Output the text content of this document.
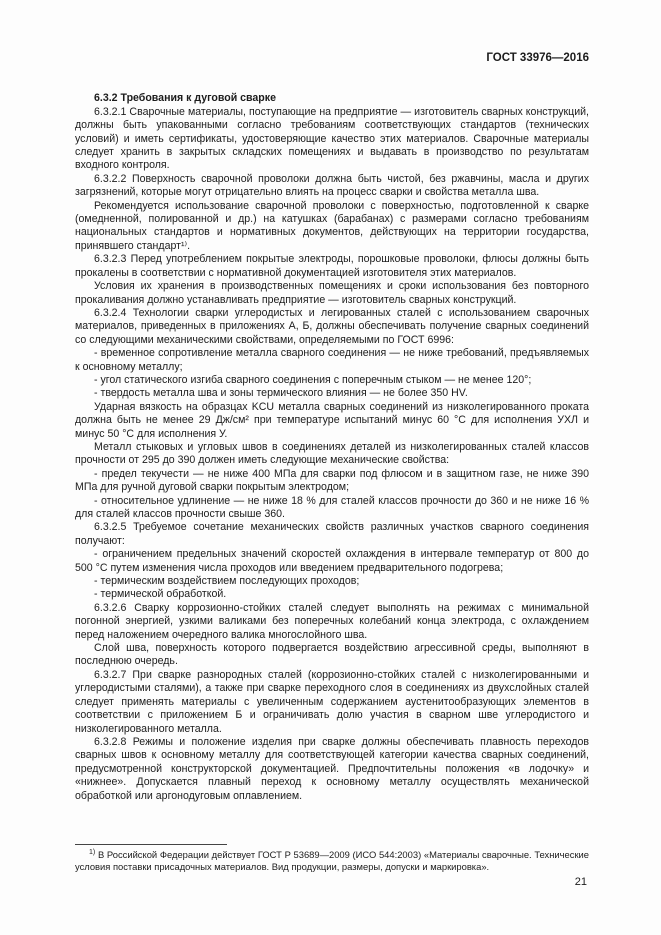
ГОСТ 33976—2016

6.3.2 Требования к дуговой сварке

6.3.2.1 Сварочные материалы, поступающие на предприятие — изготовитель сварных конструкций, должны быть упакованными согласно требованиям соответствующих стандартов (технических условий) и иметь сертификаты, удостоверяющие качество этих материалов. Сварочные материалы следует хранить в закрытых складских помещениях и выдавать в производство по результатам входного контроля.

6.3.2.2 Поверхность сварочной проволоки должна быть чистой, без ржавчины, масла и других загрязнений, которые могут отрицательно влиять на процесс сварки и свойства металла шва.

Рекомендуется использование сварочной проволоки с поверхностью, подготовленной к сварке (омедненной, полированной и др.) на катушках (барабанах) с размерами согласно требованиям национальных стандартов и нормативных документов, действующих на территории государства, принявшего стандарт¹⁾.

6.3.2.3 Перед употреблением покрытые электроды, порошковые проволоки, флюсы должны быть прокалены в соответствии с нормативной документацией изготовителя этих материалов.

Условия их хранения в производственных помещениях и сроки использования без повторного прокаливания должно устанавливать предприятие — изготовитель сварных конструкций.

6.3.2.4 Технологии сварки углеродистых и легированных сталей с использованием сварочных материалов, приведенных в приложениях А, Б, должны обеспечивать получение сварных соединений со следующими механическими свойствами, определяемыми по ГОСТ 6996:

- временное сопротивление металла сварного соединения — не ниже требований, предъявляемых к основному металлу;

- угол статического изгиба сварного соединения с поперечным стыком — не менее 120°;

- твердость металла шва и зоны термического влияния — не более 350 HV.

Ударная вязкость на образцах KCU металла сварных соединений из низколегированного проката должна быть не менее 29 Дж/см² при температуре испытаний минус 60 °С для исполнения УХЛ и минус 50 °С для исполнения У.

Металл стыковых и угловых швов в соединениях деталей из низколегированных сталей классов прочности от 295 до 390 должен иметь следующие механические свойства:

- предел текучести — не ниже 400 МПа для сварки под флюсом и в защитном газе, не ниже 390 МПа для ручной дуговой сварки покрытым электродом;

- относительное удлинение — не ниже 18 % для сталей классов прочности до 360 и не ниже 16 % для сталей классов прочности свыше 360.

6.3.2.5 Требуемое сочетание механических свойств различных участков сварного соединения получают:

- ограничением предельных значений скоростей охлаждения в интервале температур от 800 до 500 °С путем изменения числа проходов или введением предварительного подогрева;

- термическим воздействием последующих проходов;

- термической обработкой.

6.3.2.6 Сварку коррозионно-стойких сталей следует выполнять на режимах с минимальной погонной энергией, узкими валиками без поперечных колебаний конца электрода, с охлаждением перед наложением очередного валика многослойного шва.

Слой шва, поверхность которого подвергается воздействию агрессивной среды, выполняют в последнюю очередь.

6.3.2.7 При сварке разнородных сталей (коррозионно-стойких сталей с низколегированными и углеродистыми сталями), а также при сварке переходного слоя в соединениях из двухслойных сталей следует применять материалы с увеличенным содержанием аустенитообразующих элементов в соответствии с приложением Б и ограничивать долю участия в сварном шве углеродистого и низколегированного металла.

6.3.2.8 Режимы и положение изделия при сварке должны обеспечивать плавность переходов сварных швов к основному металлу для соответствующей категории качества сварных соединений, предусмотренной конструкторской документацией. Предпочтительны положения «в лодочку» и «нижнее». Допускается плавный переход к основному металлу осуществлять механической обработкой или аргонодуговым оплавлением.

$^{1)}$ В Российской Федерации действует ГОСТ Р 53689—2009 (ИСО 544:2003) «Материалы сварочные. Технические условия поставки присадочных материалов. Вид продукции, размеры, допуски и маркировка».

21
